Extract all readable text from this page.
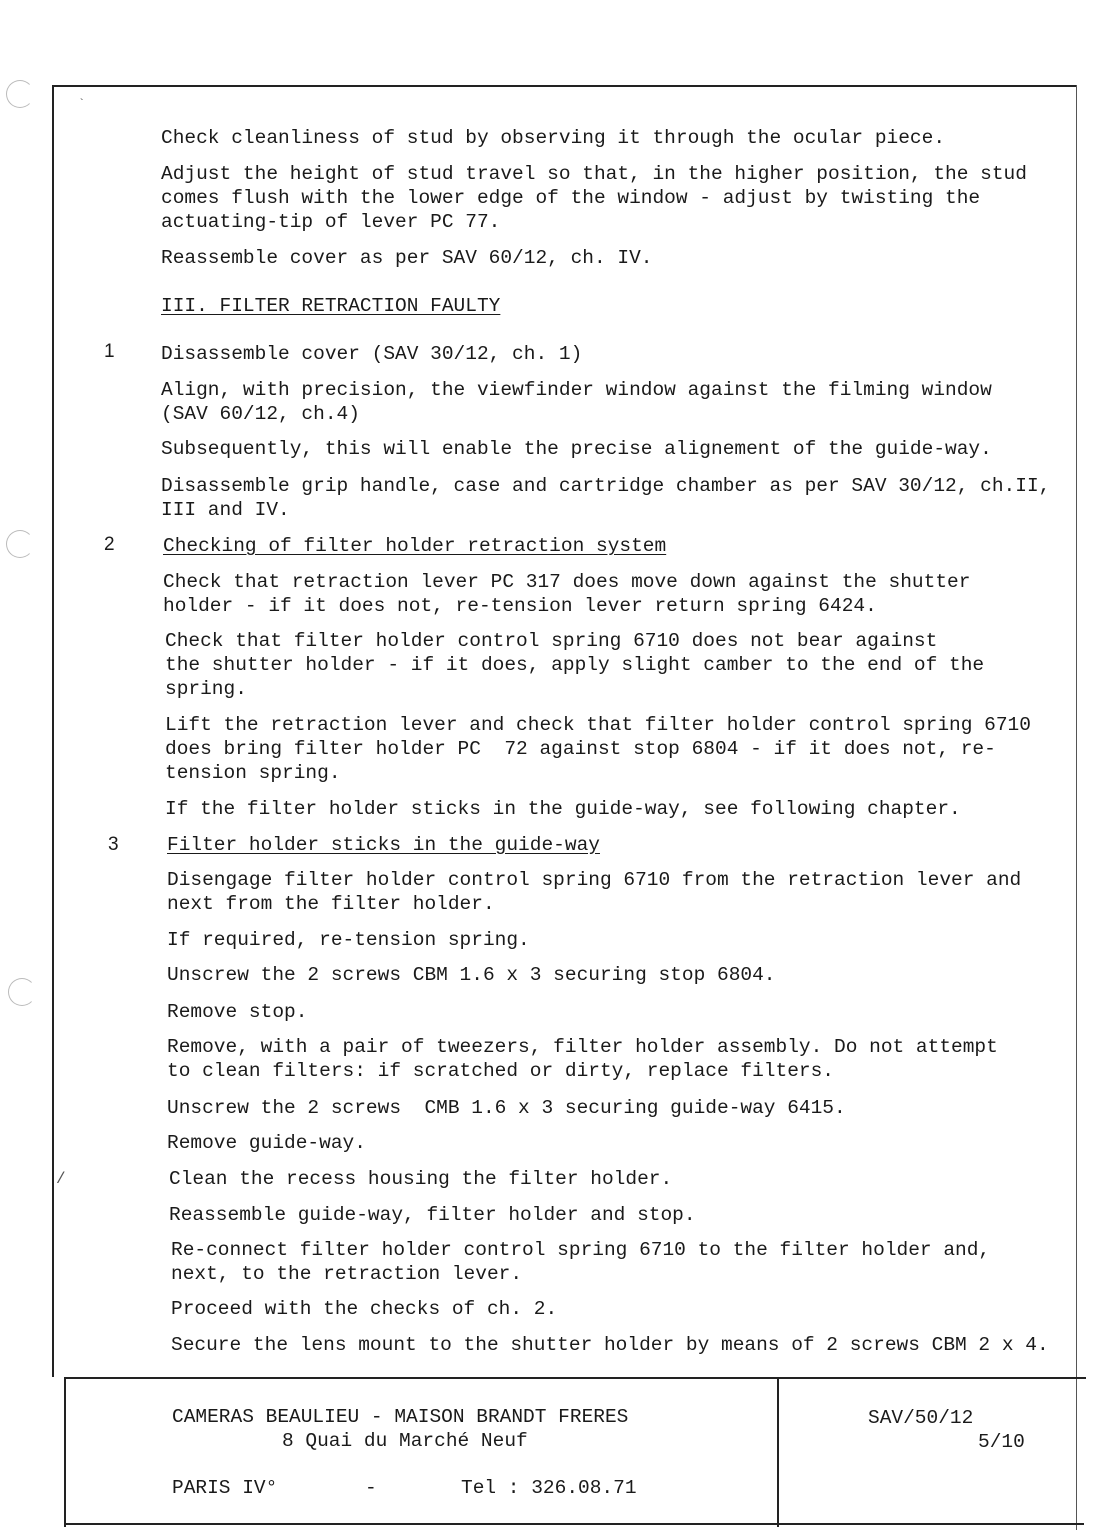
`
/
Check cleanliness of stud by observing it through the ocular piece.
Adjust the height of stud travel so that, in the higher position, the stud
comes flush with the lower edge of the window - adjust by twisting the
actuating-tip of lever PC 77.
Reassemble cover as per SAV 60/12, ch. IV.
III. FILTER RETRACTION FAULTY
1 Disassemble cover (SAV 30/12, ch. 1)
Align, with precision, the viewfinder window against the filming window
(SAV 60/12, ch.4)
Subsequently, this will enable the precise alignement of the guide-way.
Disassemble grip handle, case and cartridge chamber as per SAV 30/12, ch.II,
III and IV.
2 Checking of filter holder retraction system
Check that retraction lever PC 317 does move down against the shutter
holder - if it does not, re-tension lever return spring 6424.
Check that filter holder control spring 6710 does not bear against
the shutter holder - if it does, apply slight camber to the end of the
spring.
Lift the retraction lever and check that filter holder control spring 6710
does bring filter holder PC  72 against stop 6804 - if it does not, re-
tension spring.
If the filter holder sticks in the guide-way, see following chapter.
3 Filter holder sticks in the guide-way
Disengage filter holder control spring 6710 from the retraction lever and
next from the filter holder.
If required, re-tension spring.
Unscrew the 2 screws CBM 1.6 x 3 securing stop 6804.
Remove stop.
Remove, with a pair of tweezers, filter holder assembly. Do not attempt
to clean filters: if scratched or dirty, replace filters.
Unscrew the 2 screws  CMB 1.6 x 3 securing guide-way 6415.
Remove guide-way.
Clean the recess housing the filter holder.
Reassemble guide-way, filter holder and stop.
Re-connect filter holder control spring 6710 to the filter holder and,
next, to the retraction lever.
Proceed with the checks of ch. 2.
Secure the lens mount to the shutter holder by means of 2 screws CBM 2 x 4.
CAMERAS BEAULIEU - MAISON BRANDT FRERES
8 Quai du Marché Neuf
PARIS IV°	-	Tel : 326.08.71
SAV/50/12
5/10
